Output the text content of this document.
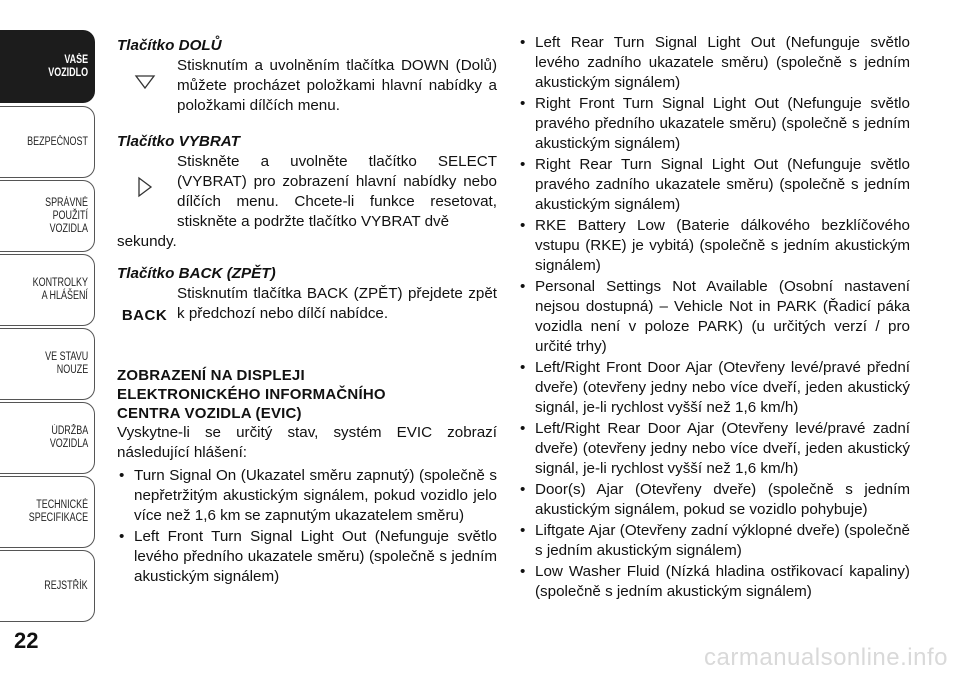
VAŠE
VOZIDLO
BEZPEČNOST
SPRÁVNÉ
POUŽITÍ
VOZIDLA
KONTROLKY
A HLÁŠENÍ
VE STAVU
NOUZE
ÚDRŽBA
VOZIDLA
TECHNICKÉ
SPECIFIKACE
REJSTŘÍK
22

Tlačítko DOLŮ

Stisknutím a uvolněním tlačítka DOWN (Dolů) můžete procházet položkami hlavní nabídky a položkami dílčích menu.

Tlačítko VYBRAT

Stiskněte a uvolněte tlačítko SELECT (VYBRAT) pro zobrazení hlavní nabídky nebo dílčích menu. Chcete-li funkce resetovat, stiskněte a podržte tlačítko VYBRAT dvě
sekundy.

Tlačítko BACK (ZPĚT)

BACK
Stisknutím tlačítka BACK (ZPĚT) přejdete zpět k předchozí nebo dílčí nabídce.

ZOBRAZENÍ NA DISPLEJI

ELEKTRONICKÉHO INFORMAČNÍHO

CENTRA VOZIDLA (EVIC)

Vyskytne-li se určitý stav, systém EVIC zobrazí následující hlášení:

• Turn Signal On (Ukazatel směru zapnutý) (společně s nepřetržitým akustickým signálem, pokud vozidlo jelo více než 1,6 km se zapnutým ukazatelem směru)
• Left Front Turn Signal Light Out (Nefunguje světlo levého předního ukazatele směru) (společně s jedním akustickým signálem)
• Left Rear Turn Signal Light Out (Nefunguje světlo levého zadního ukazatele směru) (společně s jedním akustickým signálem)
• Right Front Turn Signal Light Out (Nefunguje světlo pravého předního ukazatele směru) (společně s jedním akustickým signálem)
• Right Rear Turn Signal Light Out (Nefunguje světlo pravého zadního ukazatele směru) (společně s jedním akustickým signálem)
• RKE Battery Low (Baterie dálkového bezklíčového vstupu (RKE) je vybitá) (společně s jedním akustickým signálem)
• Personal Settings Not Available (Osobní nastavení nejsou dostupná) – Vehicle Not in PARK (Řadicí páka vozidla není v poloze PARK) (u určitých verzí / pro určité trhy)
• Left/Right Front Door Ajar (Otevřeny levé/pravé přední dveře) (otevřeny jedny nebo více dveří, jeden akustický signál, je-li rychlost vyšší než 1,6 km/h)
• Left/Right Rear Door Ajar (Otevřeny levé/pravé zadní dveře) (otevřeny jedny nebo více dveří, jeden akustický signál, je-li rychlost vyšší než 1,6 km/h)
• Door(s) Ajar (Otevřeny dveře) (společně s jedním akustickým signálem, pokud se vozidlo pohybuje)
• Liftgate Ajar (Otevřeny zadní výklopné dveře) (společně s jedním akustickým signálem)
• Low Washer Fluid (Nízká hladina ostřikovací kapaliny) (společně s jedním akustickým signálem)
carmanualsonline.info
